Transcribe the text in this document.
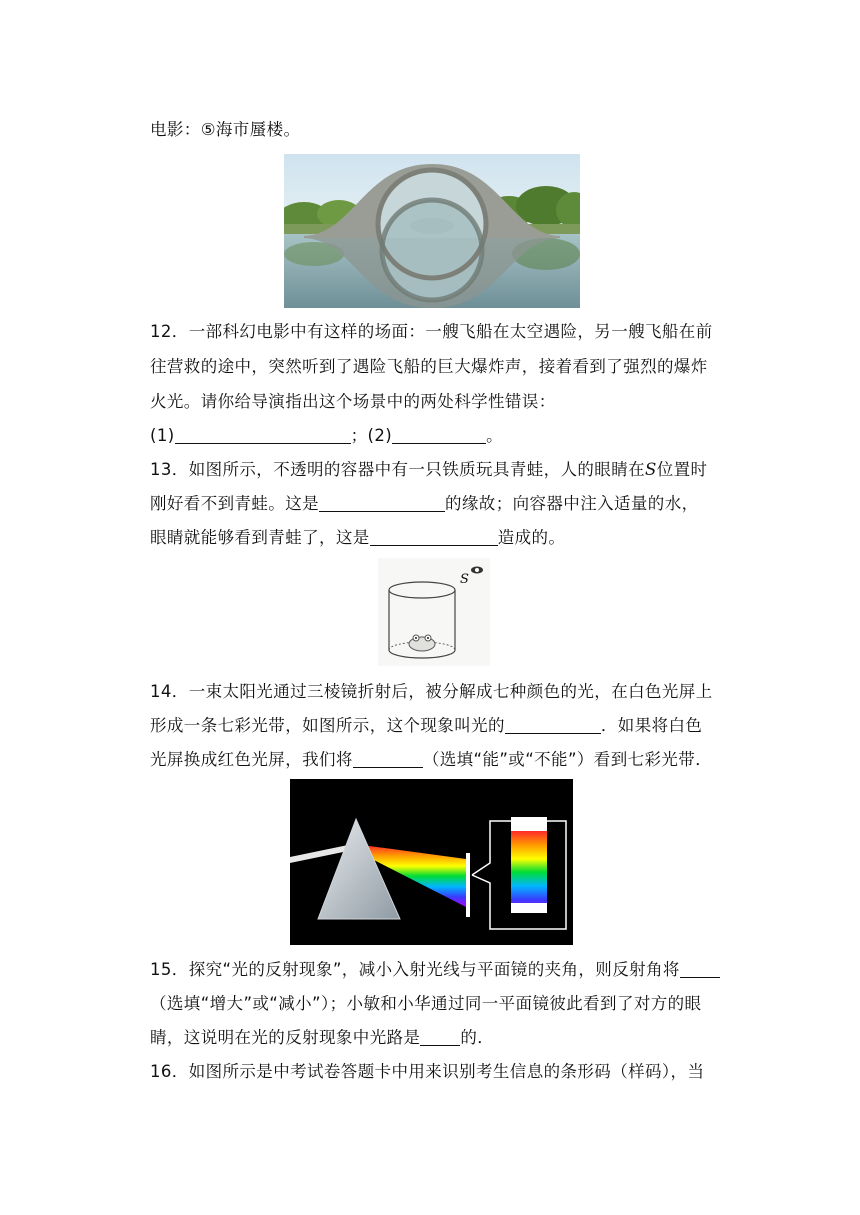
电影：⑤海市蜃楼。
12．一部科幻电影中有这样的场面：一艘飞船在太空遇险，另一艘飞船在前
往营救的途中，突然听到了遇险飞船的巨大爆炸声，接着看到了强烈的爆炸
火光。请你给导演指出这个场景中的两处科学性错误：
(1)	；(2)	。
13．如图所示，不透明的容器中有一只铁质玩具青蛙，人的眼睛在S位置时
刚好看不到青蛙。这是	的缘故；向容器中注入适量的水，
眼睛就能够看到青蛙了，这是	造成的。
S
14．一束太阳光通过三棱镜折射后，被分解成七种颜色的光，在白色光屏上
形成一条七彩光带，如图所示，这个现象叫光的	．如果将白色
光屏换成红色光屏，我们将	（选填“能”或“不能”）看到七彩光带．
15．探究“光的反射现象”，减小入射光线与平面镜的夹角，则反射角将
（选填“增大”或“减小”）；小敏和小华通过同一平面镜彼此看到了对方的眼
睛，这说明在光的反射现象中光路是 的．
16．如图所示是中考试卷答题卡中用来识别考生信息的条形码（样码），当
